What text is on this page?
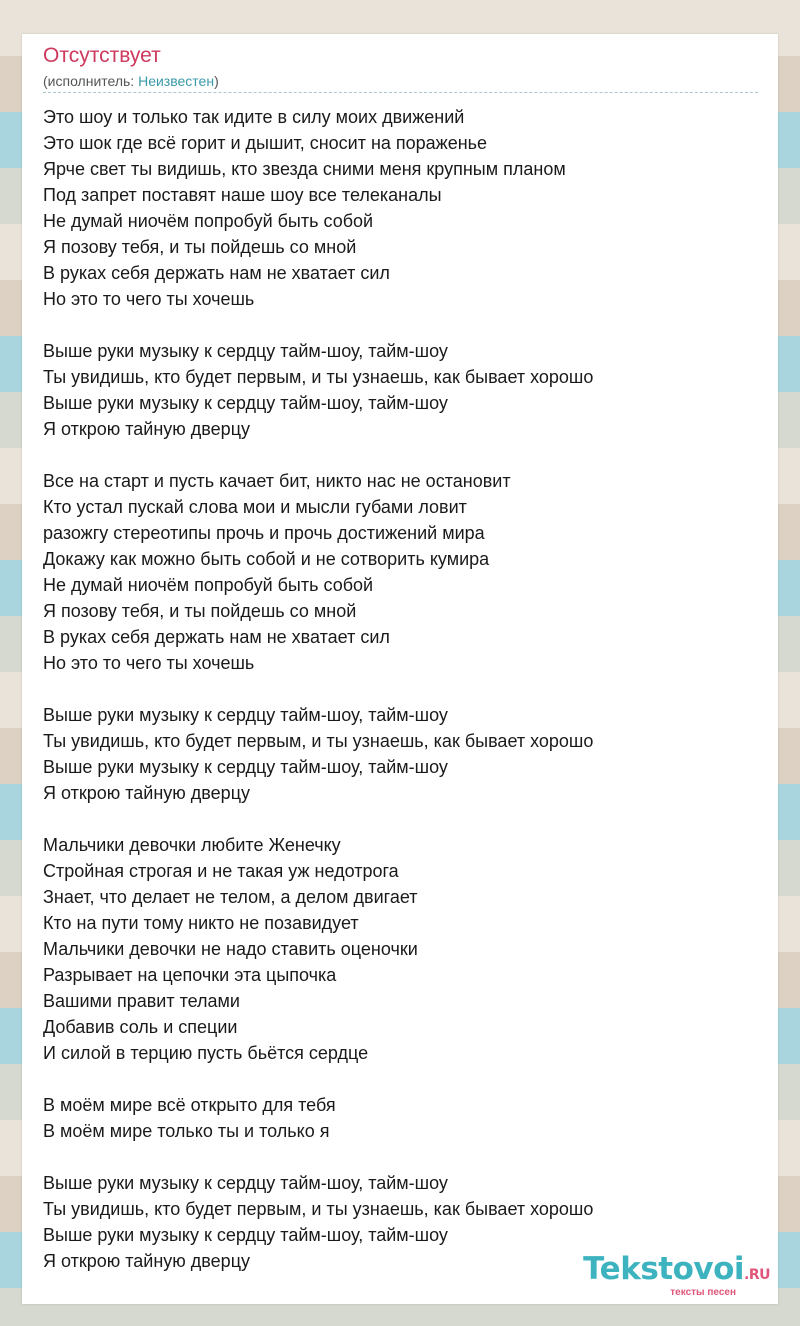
Отсутствует
(исполнитель: Неизвестен)
Это шоу и только так идите в силу моих движений
Это шок где всё горит и дышит, сносит на пораженье
Ярче свет ты видишь, кто звезда сними меня крупным планом
Под запрет поставят наше шоу все телеканалы
Не думай ниочём попробуй быть собой
Я позову тебя, и ты пойдешь со мной
В руках себя держать нам не хватает сил
Но это то чего ты хочешь
Выше руки музыку к сердцу тайм-шоу, тайм-шоу
Ты увидишь, кто будет первым, и ты узнаешь, как бывает хорошо
Выше руки музыку к сердцу тайм-шоу, тайм-шоу
Я открою тайную дверцу
Все на старт и пусть качает бит, никто нас не остановит
Кто устал пускай слова мои и мысли губами ловит
разожгу стереотипы прочь и прочь достижений мира
Докажу как можно быть собой и не сотворить кумира
Не думай ниочём попробуй быть собой
Я позову тебя, и ты пойдешь со мной
В руках себя держать нам не хватает сил
Но это то чего ты хочешь
Выше руки музыку к сердцу тайм-шоу, тайм-шоу
Ты увидишь, кто будет первым, и ты узнаешь, как бывает хорошо
Выше руки музыку к сердцу тайм-шоу, тайм-шоу
Я открою тайную дверцу
Мальчики девочки любите Женечку
Стройная строгая и не такая уж недотрога
Знает, что делает не телом, а делом двигает
Кто на пути тому никто не позавидует
Мальчики девочки не надо ставить оценочки
Разрывает на цепочки эта цыпочка
Вашими правит телами
Добавив соль и специи
И силой в терцию пусть бьётся сердце
В моём мире всё открыто для тебя
В моём мире только ты и только я
Выше руки музыку к сердцу тайм-шоу, тайм-шоу
Ты увидишь, кто будет первым, и ты узнаешь, как бывает хорошо
Выше руки музыку к сердцу тайм-шоу, тайм-шоу
Я открою тайную дверцу	Tekstovoi.RU
тексты песен
